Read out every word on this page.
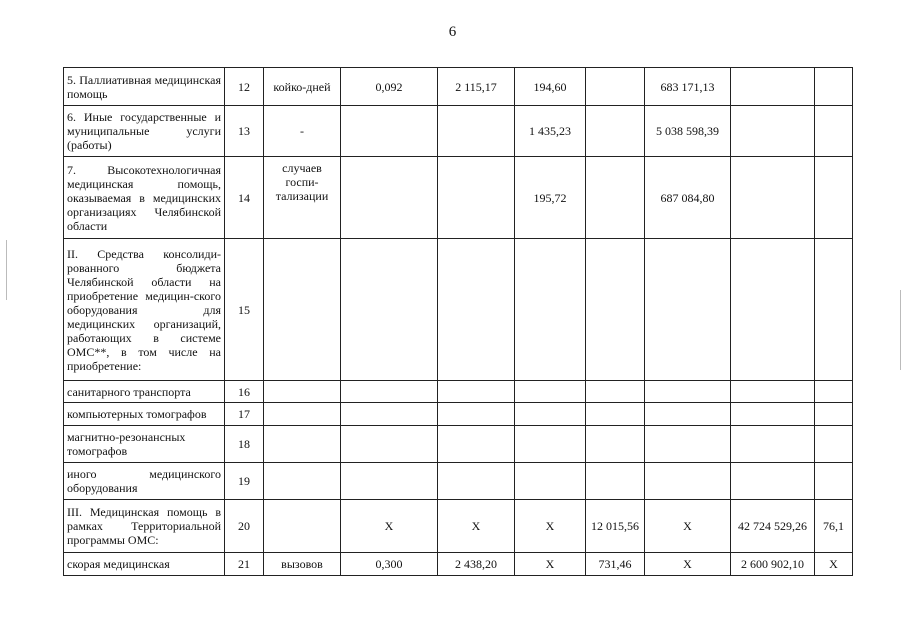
6
5. Паллиативная медицинская помощь	12	койко-дней	0,092	2 115,17	194,60		683 171,13		
6. Иные государственные и муниципальные услуги (работы)	13	-			1 435,23		5 038 598,39		
7. Высокотехнологичная медицинская помощь, оказываемая в медицинских организациях Челябинской области	14	случаев госпи-тализации			195,72		687 084,80		
II. Средства консолиди-рованного бюджета Челябинской области на приобретение медицин-ского оборудования для медицинских организаций, работающих в системе ОМС**, в том числе на приобретение:	15								
санитарного транспорта	16								
компьютерных томографов	17								
магнитно-резонансных томографов	18								
иного медицинского оборудования	19								
III. Медицинская помощь в рамках Территориальной программы ОМС:	20		Х	Х	Х	12 015,56	Х	42 724 529,26	76,1
скорая медицинская	21	вызовов	0,300	2 438,20	Х	731,46	Х	2 600 902,10	Х
